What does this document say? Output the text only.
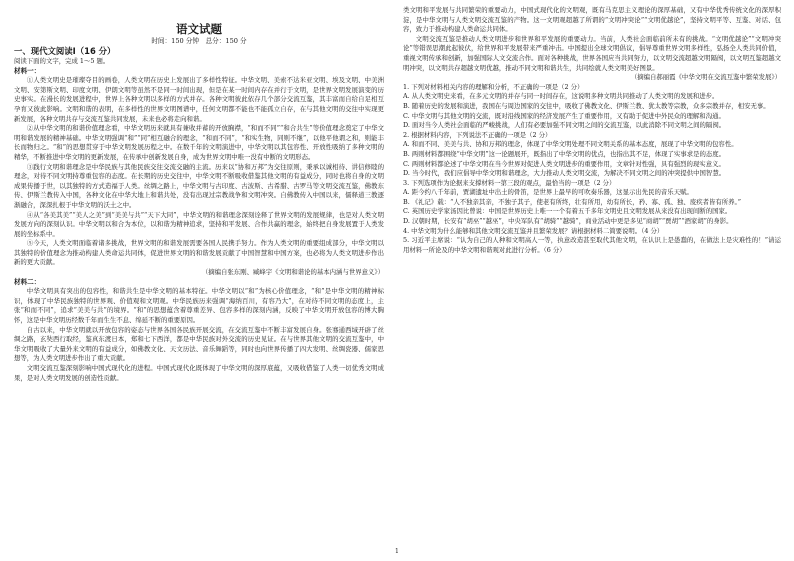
语文试题
时间：150 分钟　总分：150 分
一、现代文阅读Ⅰ（16 分）

阅读下面的文字，完成 1～5 题。

材料一：

①人类文明史是璀璨夺目的画卷，人类文明在历史上发展出了多样性特征。中华文明、美索不达米亚文明、埃及文明、中美洲文明、安第斯文明、印度文明、伊朗文明等虽然不是同一时间出现，但是在某一时间内存在并行于文明，是世界文明发展演变的历史事实。在漫长的发展进程中，世界上各种文明以多样的方式并存。各种文明彼此依存几个部分交流互鉴，其丰富而自给自足相互孕育又彼此影响。文明和谐的表明，在多样性的世界文明图谱中，任何文明都不能也不能孤立自存，在与其他文明的交往中实现更新发展，各种文明共存与交流互鉴共同发展，未来也必将走向和谐。

②从中华文明的和谐价值理念看，中华文明历来就具有兼收并蓄的开放胸襟，“和而不同”“和合共生”等价值理念奠定了中华文明和谐发展的精神基础。中华文明强调“和”“同”相互融合的理念，“和而不同”，“和实生物，同则不继”，以他平他谓之和，则能丰长而物归之。“和”的思想贯穿于中华文明发展历程之中。在数千年的文明演进中，中华文明以其包容性、开放性吸纳了多种文明的精华，不断推进中华文明的更新发展，在传承中创新发展自身，成为世界文明中唯一没有中断的文明形态。

③践行文明和谐理念是中华民族与其他民族交往交流交融的主流。历来以“协和万邦”为交往原则，秉承以诚相待、讲信修睦的理念，对待不同文明持尊重包容的态度。在长期的历史交往中，中华文明不断吸收借鉴其他文明的有益成分，同时也将自身的文明成果传播于世，以其独特的方式造福于人类。丝绸之路上，中华文明与古印度、古波斯、古希腊、古罗马等文明交流互鉴，佛教东传、伊斯兰教传入中国，各种文化在中华大地上和谐共处，没有出现过宗教战争和文明冲突。自佛教传入中国以来，儒释道三教逐渐融合，深深扎根于中华文明的沃土之中。

④从“各美其美”“美人之美”到“美美与共”“天下大同”，中华文明的和谐理念深刻诠释了世界文明的发展规律，也是对人类文明发展方向的深刻认识。中华文明以和合为本位，以和谐为精神追求，坚持和平发展、合作共赢的理念，始终把自身发展置于人类发展的坐标系中。

⑤今天，人类文明面临着诸多挑战，世界文明的和谐发展需要各国人民携手努力。作为人类文明的重要组成部分，中华文明以其独特的价值理念为推动构建人类命运共同体，促进世界文明的和谐发展贡献了中国智慧和中国方案，也必将为人类文明进步作出新的更大贡献。

（摘编自张东刚、臧峰宇《文明和谐论的基本内涵与世界意义》）

材料二：

中华文明具有突出的包容性，和谐共生是中华文明的基本特征。中华文明以“和”为核心价值理念，“和”是中华文明的精神标识，体现了中华民族独特的世界观、价值观和文明观。中华民族历来强调“海纳百川，有容乃大”，在对待不同文明的态度上，主张“和而不同”，追求“美美与共”的境界。“和”的思想蕴含着尊重差异、包容多样的深刻内涵，反映了中华文明开放包容的博大胸怀，这是中华文明历经数千年而生生不息、绵延不断的重要原因。

自古以来，中华文明就以开放包容的姿态与世界各国各民族开展交流，在交流互鉴中不断丰富发展自身。张骞通西域开辟了丝绸之路，玄奘西行取经，鉴真东渡日本，郑和七下西洋，都是中华民族对外交流的历史见证。在与世界其他文明的交流互鉴中，中华文明吸收了大量外来文明的有益成分，如佛教文化、天文历法、音乐舞蹈等，同时也向世界传播了四大发明、丝绸瓷器、儒家思想等，为人类文明进步作出了重大贡献。

文明交流互鉴深刻影响中国式现代化的进程。中国式现代化既体现了中华文明的深厚底蕴，又吸收借鉴了人类一切优秀文明成果，是对人类文明发展的创造性贡献。

类文明和平发展与共同繁荣的重要动力，中国式现代化的文明观，既有马克思主义理论的深厚基础，又有中华优秀传统文化的深厚积淀，是中华文明与人类文明交流互鉴的产物。这一文明观超越了所谓的“文明冲突论”“文明优越论”，坚持文明平等、互鉴、对话、包容，致力于推动构建人类命运共同体。

文明交流互鉴是推动人类文明进步和世界和平发展的重要动力。当前，人类社会面临前所未有的挑战。“文明优越论”“文明冲突论”等错误思潮此起彼伏，给世界和平发展带来严重冲击。中国提出全球文明倡议，倡导尊重世界文明多样性，弘扬全人类共同价值，重视文明传承和创新，加强国际人文交流合作。面对各种挑战，世界各国应当共同努力，以文明交流超越文明隔阂，以文明互鉴超越文明冲突，以文明共存超越文明优越，推动不同文明和谐共生，共同绘就人类文明美好图景。

（摘编自郝丽霞《中华文明在交流互鉴中繁荣发展》）

1. 下列对材料相关内容的理解和分析，不正确的一项是（2 分）

A. 从人类文明史来看，在多元文明的并存与同一时间存在，这说明多种文明共同推动了人类文明的发展和进步。

B. 随着历史的发展和演进，我国在与周边国家的交往中，吸收了佛教文化、伊斯兰教、犹太教等宗教，众多宗教并存，相安无事。

C. 中华文明与其他文明的交流，既对沿线国家的经济发展产生了重要作用，又有助于促进中外民众的理解和沟通。

D. 面对当今人类社会面临的严峻挑战，人们有必要加强不同文明之间的交流互鉴，以此消除不同文明之间的隔阂。

2. 根据材料内容，下列说法不正确的一项是（2 分）

A. 和而不同、美美与共、协和万邦的理念，体现了中华文明处理不同文明关系的基本态度，展现了中华文明的包容性。

B. 两则材料都围绕“中华文明”这一论题展开，既指出了中华文明的优点，也指出其不足，体现了实事求是的态度。

C. 两则材料都论述了中华文明在当今世界对促进人类文明进步的重要作用，文章针对性强，具有强烈的现实意义。

D. 当今时代，我们应倡导中华文明和谐理念，大力推动人类文明交流，为解决不同文明之间的冲突提供中国智慧。

3. 下列选项作为论据来支撑材料一第三段的观点，最恰当的一项是（2 分）

A. 距今约八千年前，贾湖遗址中出土的骨笛，是世界上最早的可吹奏乐器，这显示出先民的音乐天赋。

B. 《礼记》载：“人不独亲其亲，不独子其子，使老有所终，壮有所用，幼有所长，矜、寡、孤、独、废疾者皆有所养。”

C. 英国历史学家汤因比曾说：中国是世界历史上唯一一个有着五千多年文明史且文明发展从来没有出现间断的国家。

D. 汉朝时期，长安有“胡巫”“越巫”，中央军队有“胡骑”“越骑”，商业活动中更是多见“商胡”“贾胡”“酒家胡”的身影。

4. 中华文明为什么能够和其他文明交流互鉴并且繁荣发展？请根据材料二简要说明。（4 分）

5. 习近平主席说：“认为自己的人种和文明高人一等，执意改造甚至取代其他文明，在认识上是愚蠢的，在做法上是灾难性的！”请运用材料一所论及的中华文明和谐观对此进行分析。（6 分）

1
